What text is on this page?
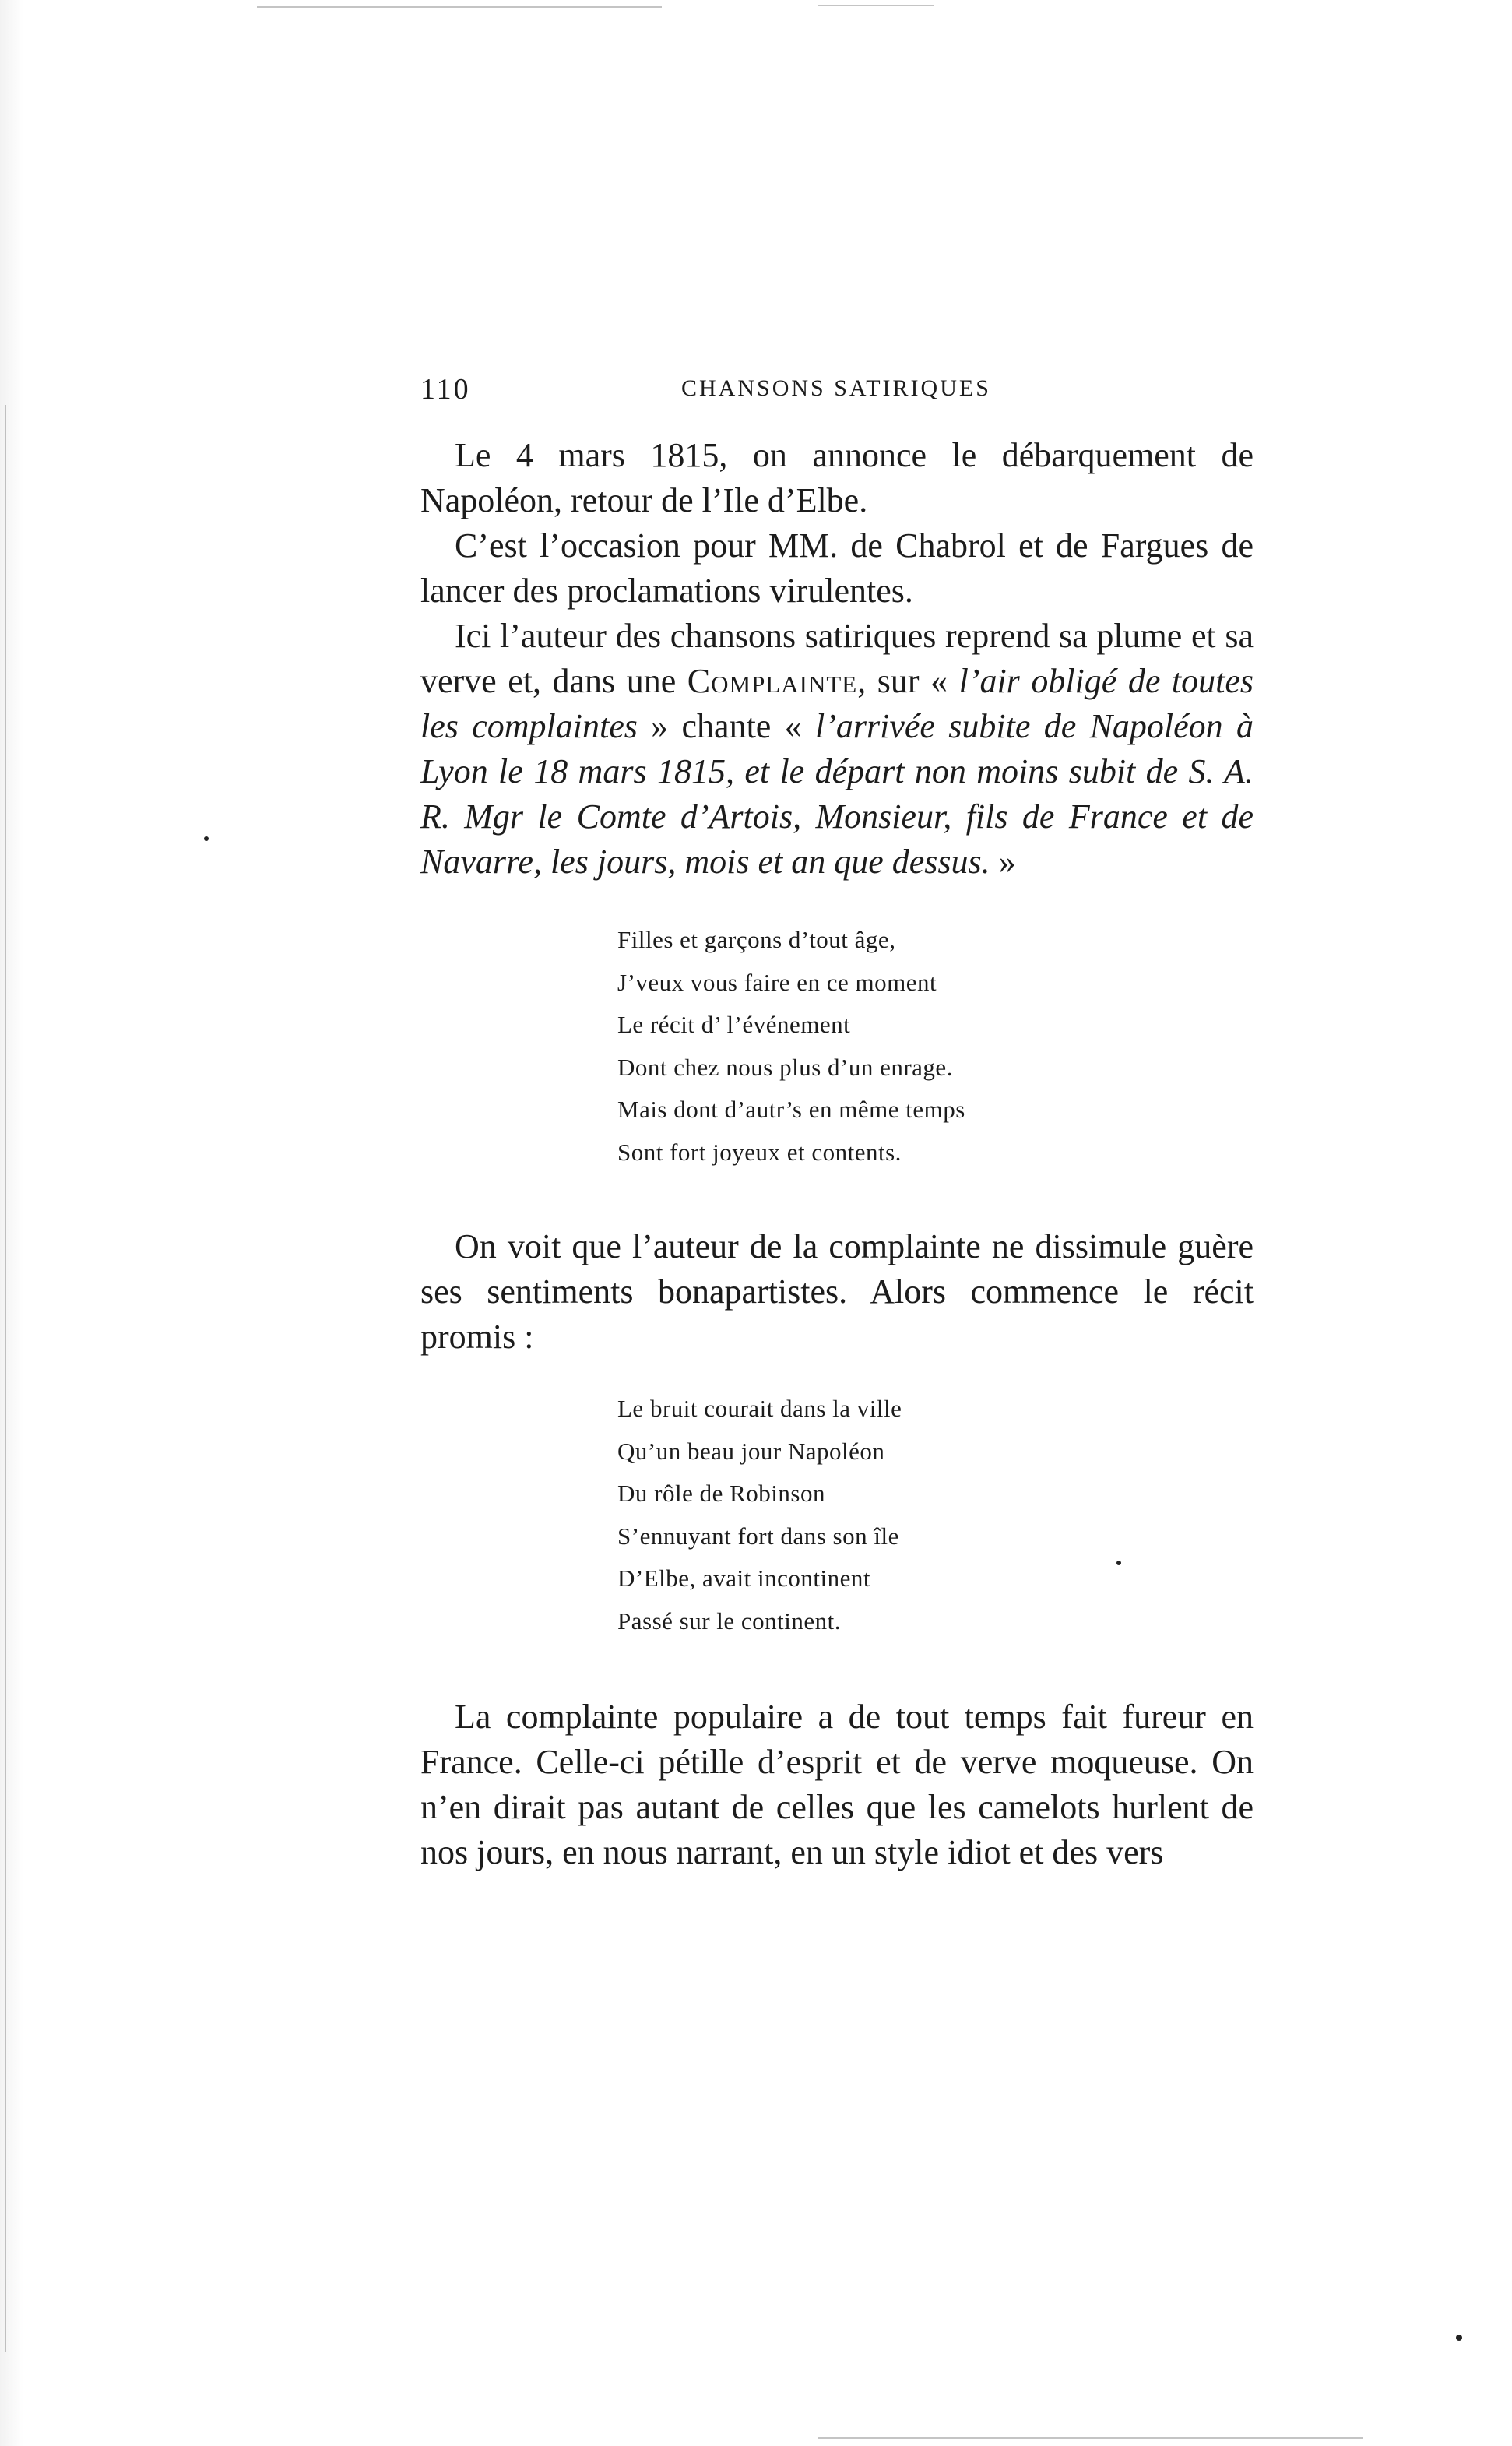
110	CHANSONS SATIRIQUES

Le 4 mars 1815, on annonce le débarquement de Napoléon, retour de l’Ile d’Elbe.

C’est l’occasion pour MM. de Chabrol et de Fargues de lancer des proclamations virulentes.

Ici l’auteur des chansons satiriques reprend sa plume et sa verve et, dans une Complainte, sur « l’air obligé de toutes les complaintes » chante « l’arrivée subite de Napoléon à Lyon le 18 mars 1815, et le départ non moins subit de S. A. R. Mgr le Comte d’Artois, Monsieur, fils de France et de Navarre, les jours, mois et an que dessus. »

Filles et garçons d’tout âge,
J’veux vous faire en ce moment
Le récit d’ l’événement
Dont chez nous plus d’un enrage.
Mais dont d’autr’s en même temps
Sont fort joyeux et contents.

On voit que l’auteur de la complainte ne dissimule guère ses sentiments bonapartistes. Alors commence le récit promis :

Le bruit courait dans la ville
Qu’un beau jour Napoléon
Du rôle de Robinson
S’ennuyant fort dans son île
D’Elbe, avait incontinent
Passé sur le continent.

La complainte populaire a de tout temps fait fureur en France. Celle-ci pétille d’esprit et de verve moqueuse. On n’en dirait pas autant de celles que les camelots hurlent de nos jours, en nous narrant, en un style idiot et des vers
